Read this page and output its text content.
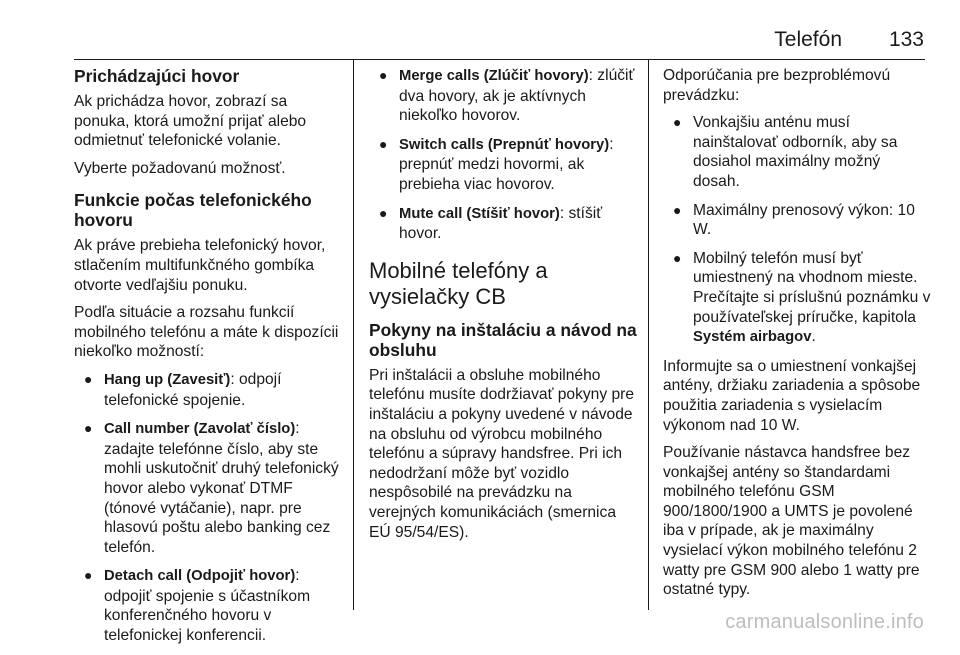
Telefón 133
Prichádzajúci hovor

Ak prichádza hovor, zobrazí sa ponuka, ktorá umožní prijať alebo odmietnuť telefonické volanie.

Vyberte požadovanú možnosť.

Funkcie počas telefonického hovoru

Ak práve prebieha telefonický hovor, stlačením multifunkčného gombíka otvorte vedľajšiu ponuku.

Podľa situácie a rozsahu funkcií mobilného telefónu a máte k dispozícii niekoľko možností:

● Hang up (Zavesiť): odpojí telefonické spojenie.
● Call number (Zavolať číslo): zadajte telefónne číslo, aby ste mohli uskutočniť druhý telefonický hovor alebo vykonať DTMF (tónové vytáčanie), napr. pre hlasovú poštu alebo banking cez telefón.
● Detach call (Odpojiť hovor): odpojiť spojenie s účastníkom konferenčného hovoru v telefonickej konferencii.
● Merge calls (Zlúčiť hovory): zlúčiť dva hovory, ak je aktívnych niekoľko hovorov.
● Switch calls (Prepnúť hovory): prepnúť medzi hovormi, ak prebieha viac hovorov.
● Mute call (Stíšiť hovor): stíšiť hovor.
Mobilné telefóny a vysielačky CB
Pokyny na inštaláciu a návod na obsluhu

Pri inštalácii a obsluhe mobilného telefónu musíte dodržiavať pokyny pre inštaláciu a pokyny uvedené v návode na obsluhu od výrobcu mobilného telefónu a súpravy handsfree. Pri ich nedodržaní môže byť vozidlo nespôsobilé na prevádzku na verejných komunikáciách (smernica EÚ 95/54/ES).

Odporúčania pre bezproblémovú prevádzku:

● Vonkajšiu anténu musí nainštalovať odborník, aby sa dosiahol maximálny možný dosah.
● Maximálny prenosový výkon: 10 W.
● Mobilný telefón musí byť umiestnený na vhodnom mieste. Prečítajte si príslušnú poznámku v používateľskej príručke, kapitola Systém airbagov.

Informujte sa o umiestnení vonkajšej antény, držiaku zariadenia a spôsobe použitia zariadenia s vysielacím výkonom nad 10 W.

Používanie nástavca handsfree bez vonkajšej antény so štandardami mobilného telefónu GSM 900/1800/1900 a UMTS je povolené iba v prípade, ak je maximálny vysielací výkon mobilného telefónu 2 watty pre GSM 900 alebo 1 watty pre ostatné typy.

carmanualsonline.info
